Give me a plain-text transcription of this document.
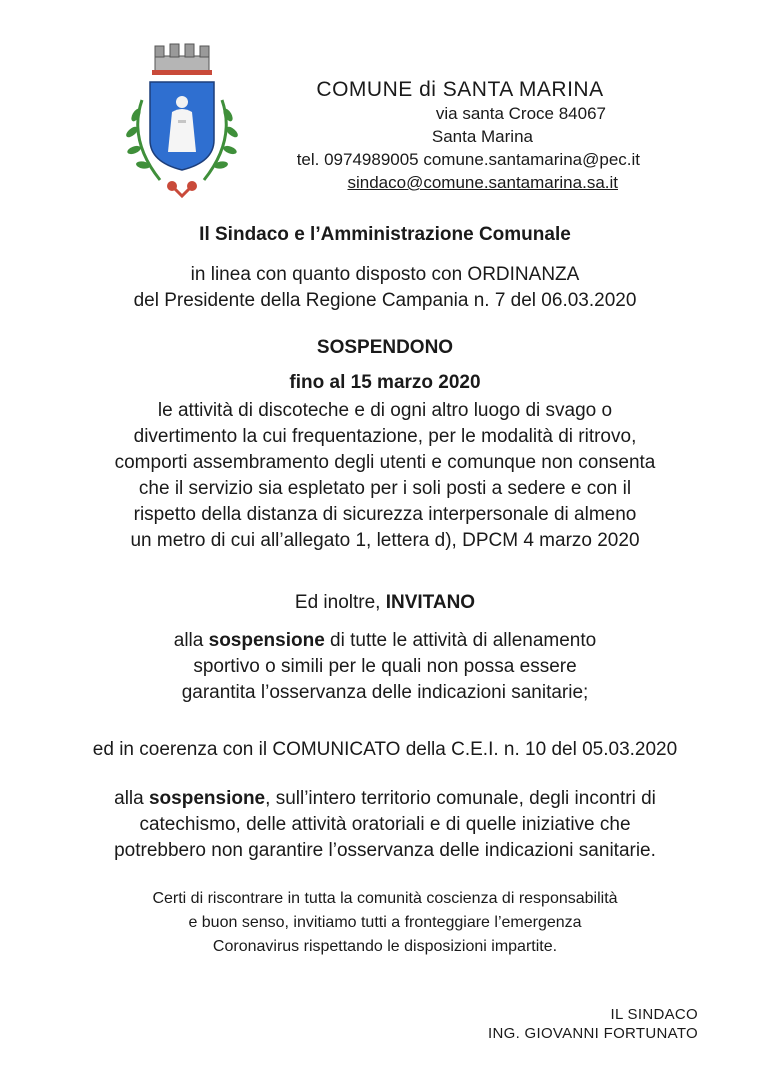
COMUNE di SANTA MARINA
via santa Croce 84067
Santa Marina
tel. 0974989005 comune.santamarina@pec.it
sindaco@comune.santamarina.sa.it
Il Sindaco e l’Amministrazione Comunale
in linea con quanto disposto con ORDINANZA
del Presidente della Regione Campania n. 7 del 06.03.2020
SOSPENDONO
fino al 15 marzo 2020
le attività di discoteche e di ogni altro luogo di svago o
divertimento la cui frequentazione, per le modalità di ritrovo,
comporti assembramento degli utenti e comunque non consenta
che il servizio sia espletato per i soli posti a sedere e con il
rispetto della distanza di sicurezza interpersonale di almeno
un metro di cui all’allegato 1, lettera d), DPCM 4 marzo 2020
Ed inoltre, INVITANO
alla sospensione di tutte le attività di allenamento
sportivo o simili per le quali non possa essere
garantita l’osservanza delle indicazioni sanitarie;
ed in coerenza con il COMUNICATO della C.E.I. n. 10 del 05.03.2020
alla sospensione, sull’intero territorio comunale, degli incontri di
catechismo, delle attività oratoriali e di quelle iniziative che
potrebbero non garantire l’osservanza delle indicazioni sanitarie.
Certi di riscontrare in tutta la comunità coscienza di responsabilità
e buon senso, invitiamo tutti a fronteggiare l’emergenza
Coronavirus rispettando le disposizioni impartite.
IL SINDACO
ING. GIOVANNI FORTUNATO
